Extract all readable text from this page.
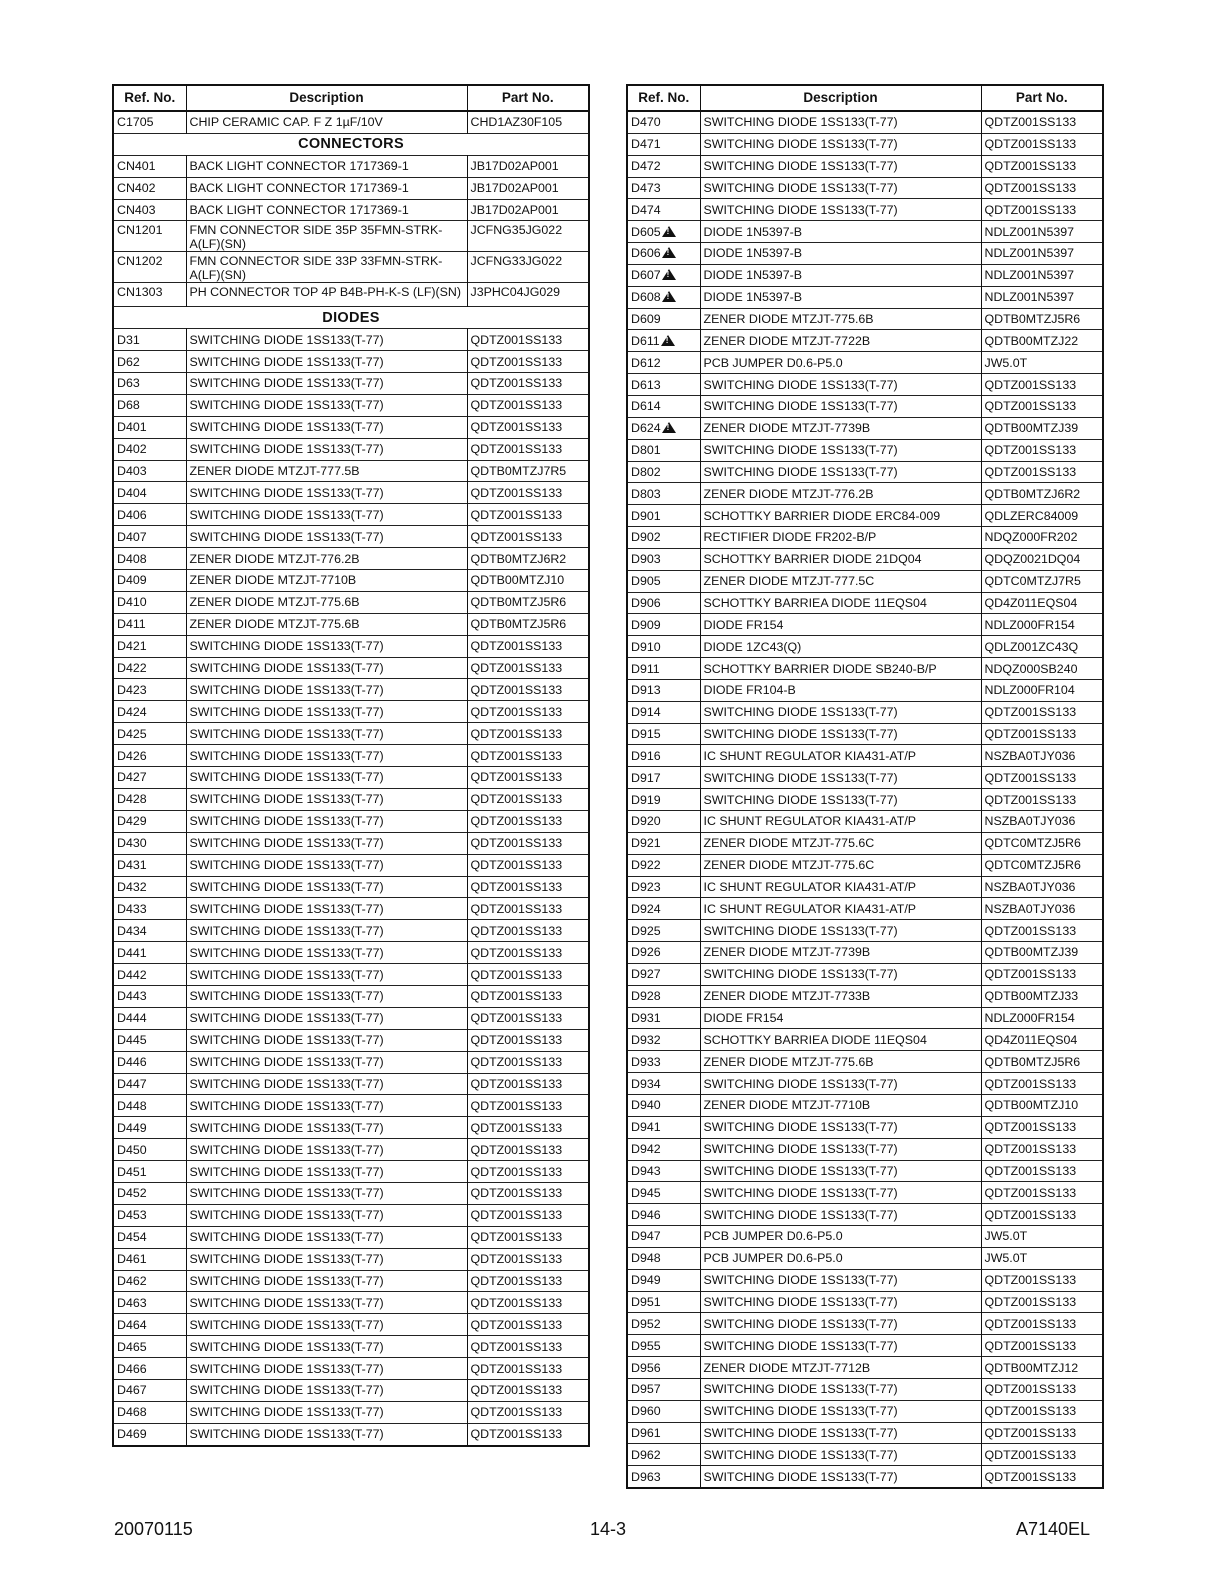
Ref. No.	Description	Part No.
C1705	CHIP CERAMIC CAP. F Z 1µF/10V	CHD1AZ30F105
CONNECTORS		
CN401	BACK LIGHT CONNECTOR 1717369-1	JB17D02AP001
CN402	BACK LIGHT CONNECTOR 1717369-1	JB17D02AP001
CN403	BACK LIGHT CONNECTOR 1717369-1	JB17D02AP001
CN1201	FMN CONNECTOR SIDE 35P 35FMN-STRK-A(LF)(SN)	JCFNG35JG022
CN1202	FMN CONNECTOR SIDE 33P 33FMN-STRK-A(LF)(SN)	JCFNG33JG022
CN1303	PH CONNECTOR TOP 4P B4B-PH-K-S (LF)(SN)	J3PHC04JG029
DIODES		
D31	SWITCHING DIODE 1SS133(T-77)	QDTZ001SS133
D62	SWITCHING DIODE 1SS133(T-77)	QDTZ001SS133
D63	SWITCHING DIODE 1SS133(T-77)	QDTZ001SS133
D68	SWITCHING DIODE 1SS133(T-77)	QDTZ001SS133
D401	SWITCHING DIODE 1SS133(T-77)	QDTZ001SS133
D402	SWITCHING DIODE 1SS133(T-77)	QDTZ001SS133
D403	ZENER DIODE MTZJT-777.5B	QDTB0MTZJ7R5
D404	SWITCHING DIODE 1SS133(T-77)	QDTZ001SS133
D406	SWITCHING DIODE 1SS133(T-77)	QDTZ001SS133
D407	SWITCHING DIODE 1SS133(T-77)	QDTZ001SS133
D408	ZENER DIODE MTZJT-776.2B	QDTB0MTZJ6R2
D409	ZENER DIODE MTZJT-7710B	QDTB00MTZJ10
D410	ZENER DIODE MTZJT-775.6B	QDTB0MTZJ5R6
D411	ZENER DIODE MTZJT-775.6B	QDTB0MTZJ5R6
D421	SWITCHING DIODE 1SS133(T-77)	QDTZ001SS133
D422	SWITCHING DIODE 1SS133(T-77)	QDTZ001SS133
D423	SWITCHING DIODE 1SS133(T-77)	QDTZ001SS133
D424	SWITCHING DIODE 1SS133(T-77)	QDTZ001SS133
D425	SWITCHING DIODE 1SS133(T-77)	QDTZ001SS133
D426	SWITCHING DIODE 1SS133(T-77)	QDTZ001SS133
D427	SWITCHING DIODE 1SS133(T-77)	QDTZ001SS133
D428	SWITCHING DIODE 1SS133(T-77)	QDTZ001SS133
D429	SWITCHING DIODE 1SS133(T-77)	QDTZ001SS133
D430	SWITCHING DIODE 1SS133(T-77)	QDTZ001SS133
D431	SWITCHING DIODE 1SS133(T-77)	QDTZ001SS133
D432	SWITCHING DIODE 1SS133(T-77)	QDTZ001SS133
D433	SWITCHING DIODE 1SS133(T-77)	QDTZ001SS133
D434	SWITCHING DIODE 1SS133(T-77)	QDTZ001SS133
D441	SWITCHING DIODE 1SS133(T-77)	QDTZ001SS133
D442	SWITCHING DIODE 1SS133(T-77)	QDTZ001SS133
D443	SWITCHING DIODE 1SS133(T-77)	QDTZ001SS133
D444	SWITCHING DIODE 1SS133(T-77)	QDTZ001SS133
D445	SWITCHING DIODE 1SS133(T-77)	QDTZ001SS133
D446	SWITCHING DIODE 1SS133(T-77)	QDTZ001SS133
D447	SWITCHING DIODE 1SS133(T-77)	QDTZ001SS133
D448	SWITCHING DIODE 1SS133(T-77)	QDTZ001SS133
D449	SWITCHING DIODE 1SS133(T-77)	QDTZ001SS133
D450	SWITCHING DIODE 1SS133(T-77)	QDTZ001SS133
D451	SWITCHING DIODE 1SS133(T-77)	QDTZ001SS133
D452	SWITCHING DIODE 1SS133(T-77)	QDTZ001SS133
D453	SWITCHING DIODE 1SS133(T-77)	QDTZ001SS133
D454	SWITCHING DIODE 1SS133(T-77)	QDTZ001SS133
D461	SWITCHING DIODE 1SS133(T-77)	QDTZ001SS133
D462	SWITCHING DIODE 1SS133(T-77)	QDTZ001SS133
D463	SWITCHING DIODE 1SS133(T-77)	QDTZ001SS133
D464	SWITCHING DIODE 1SS133(T-77)	QDTZ001SS133
D465	SWITCHING DIODE 1SS133(T-77)	QDTZ001SS133
D466	SWITCHING DIODE 1SS133(T-77)	QDTZ001SS133
D467	SWITCHING DIODE 1SS133(T-77)	QDTZ001SS133
D468	SWITCHING DIODE 1SS133(T-77)	QDTZ001SS133
D469	SWITCHING DIODE 1SS133(T-77)	QDTZ001SS133
Ref. No.	Description	Part No.
D470	SWITCHING DIODE 1SS133(T-77)	QDTZ001SS133
D471	SWITCHING DIODE 1SS133(T-77)	QDTZ001SS133
D472	SWITCHING DIODE 1SS133(T-77)	QDTZ001SS133
D473	SWITCHING DIODE 1SS133(T-77)	QDTZ001SS133
D474	SWITCHING DIODE 1SS133(T-77)	QDTZ001SS133
D605!	DIODE 1N5397-B	NDLZ001N5397
D606!	DIODE 1N5397-B	NDLZ001N5397
D607!	DIODE 1N5397-B	NDLZ001N5397
D608!	DIODE 1N5397-B	NDLZ001N5397
D609	ZENER DIODE MTZJT-775.6B	QDTB0MTZJ5R6
D611!	ZENER DIODE MTZJT-7722B	QDTB00MTZJ22
D612	PCB JUMPER D0.6-P5.0	JW5.0T
D613	SWITCHING DIODE 1SS133(T-77)	QDTZ001SS133
D614	SWITCHING DIODE 1SS133(T-77)	QDTZ001SS133
D624!	ZENER DIODE MTZJT-7739B	QDTB00MTZJ39
D801	SWITCHING DIODE 1SS133(T-77)	QDTZ001SS133
D802	SWITCHING DIODE 1SS133(T-77)	QDTZ001SS133
D803	ZENER DIODE MTZJT-776.2B	QDTB0MTZJ6R2
D901	SCHOTTKY BARRIER DIODE ERC84-009	QDLZERC84009
D902	RECTIFIER DIODE FR202-B/P	NDQZ000FR202
D903	SCHOTTKY BARRIER DIODE 21DQ04	QDQZ0021DQ04
D905	ZENER DIODE MTZJT-777.5C	QDTC0MTZJ7R5
D906	SCHOTTKY BARRIEA DIODE 11EQS04	QD4Z011EQS04
D909	DIODE FR154	NDLZ000FR154
D910	DIODE 1ZC43(Q)	QDLZ001ZC43Q
D911	SCHOTTKY BARRIER DIODE SB240-B/P	NDQZ000SB240
D913	DIODE FR104-B	NDLZ000FR104
D914	SWITCHING DIODE 1SS133(T-77)	QDTZ001SS133
D915	SWITCHING DIODE 1SS133(T-77)	QDTZ001SS133
D916	IC SHUNT REGULATOR KIA431-AT/P	NSZBA0TJY036
D917	SWITCHING DIODE 1SS133(T-77)	QDTZ001SS133
D919	SWITCHING DIODE 1SS133(T-77)	QDTZ001SS133
D920	IC SHUNT REGULATOR KIA431-AT/P	NSZBA0TJY036
D921	ZENER DIODE MTZJT-775.6C	QDTC0MTZJ5R6
D922	ZENER DIODE MTZJT-775.6C	QDTC0MTZJ5R6
D923	IC SHUNT REGULATOR KIA431-AT/P	NSZBA0TJY036
D924	IC SHUNT REGULATOR KIA431-AT/P	NSZBA0TJY036
D925	SWITCHING DIODE 1SS133(T-77)	QDTZ001SS133
D926	ZENER DIODE MTZJT-7739B	QDTB00MTZJ39
D927	SWITCHING DIODE 1SS133(T-77)	QDTZ001SS133
D928	ZENER DIODE MTZJT-7733B	QDTB00MTZJ33
D931	DIODE FR154	NDLZ000FR154
D932	SCHOTTKY BARRIEA DIODE 11EQS04	QD4Z011EQS04
D933	ZENER DIODE MTZJT-775.6B	QDTB0MTZJ5R6
D934	SWITCHING DIODE 1SS133(T-77)	QDTZ001SS133
D940	ZENER DIODE MTZJT-7710B	QDTB00MTZJ10
D941	SWITCHING DIODE 1SS133(T-77)	QDTZ001SS133
D942	SWITCHING DIODE 1SS133(T-77)	QDTZ001SS133
D943	SWITCHING DIODE 1SS133(T-77)	QDTZ001SS133
D945	SWITCHING DIODE 1SS133(T-77)	QDTZ001SS133
D946	SWITCHING DIODE 1SS133(T-77)	QDTZ001SS133
D947	PCB JUMPER D0.6-P5.0	JW5.0T
D948	PCB JUMPER D0.6-P5.0	JW5.0T
D949	SWITCHING DIODE 1SS133(T-77)	QDTZ001SS133
D951	SWITCHING DIODE 1SS133(T-77)	QDTZ001SS133
D952	SWITCHING DIODE 1SS133(T-77)	QDTZ001SS133
D955	SWITCHING DIODE 1SS133(T-77)	QDTZ001SS133
D956	ZENER DIODE MTZJT-7712B	QDTB00MTZJ12
D957	SWITCHING DIODE 1SS133(T-77)	QDTZ001SS133
D960	SWITCHING DIODE 1SS133(T-77)	QDTZ001SS133
D961	SWITCHING DIODE 1SS133(T-77)	QDTZ001SS133
D962	SWITCHING DIODE 1SS133(T-77)	QDTZ001SS133
D963	SWITCHING DIODE 1SS133(T-77)	QDTZ001SS133
20070115	14-3	A7140EL
